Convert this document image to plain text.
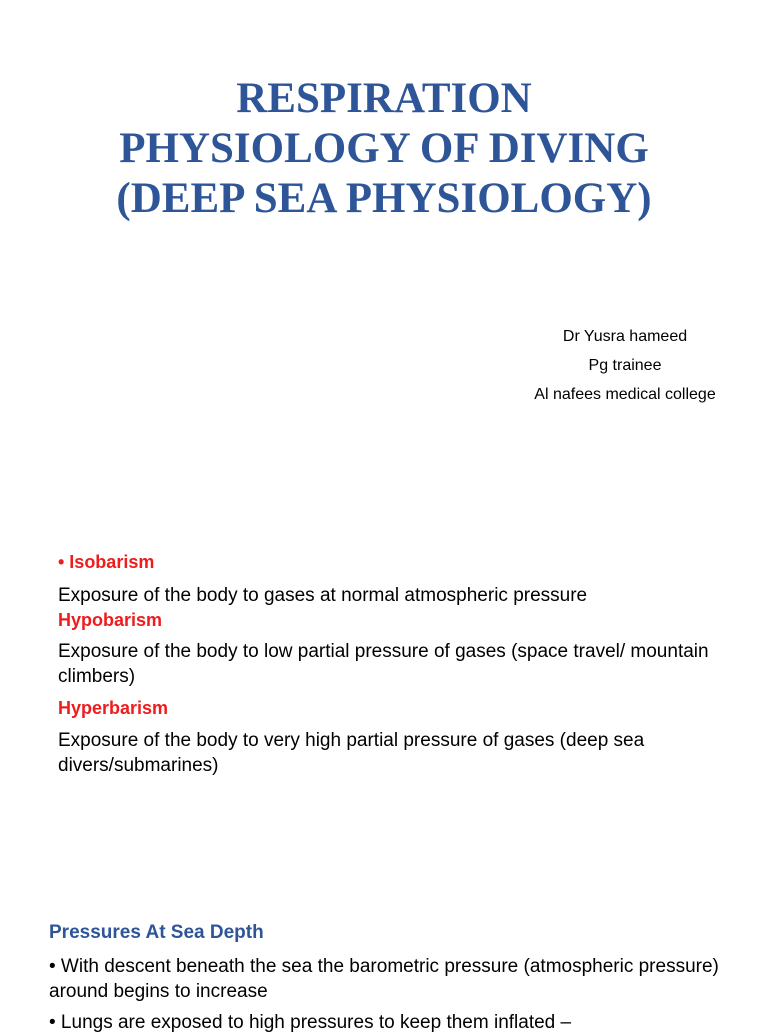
RESPIRATION
PHYSIOLOGY OF DIVING
(DEEP SEA PHYSIOLOGY)
Dr Yusra hameed
Pg trainee
Al nafees medical college

• Isobarism

Exposure of the body to gases at normal atmospheric pressure

Hypobarism

Exposure of the body to low partial pressure of gases (space travel/ mountain climbers)

Hyperbarism

Exposure of the body to very high partial pressure of gases (deep sea divers/submarines)

Pressures At Sea Depth

• With descent beneath the sea the barometric pressure (atmospheric pressure) around begins to increase

• Lungs are exposed to high pressures to keep them inflated –
